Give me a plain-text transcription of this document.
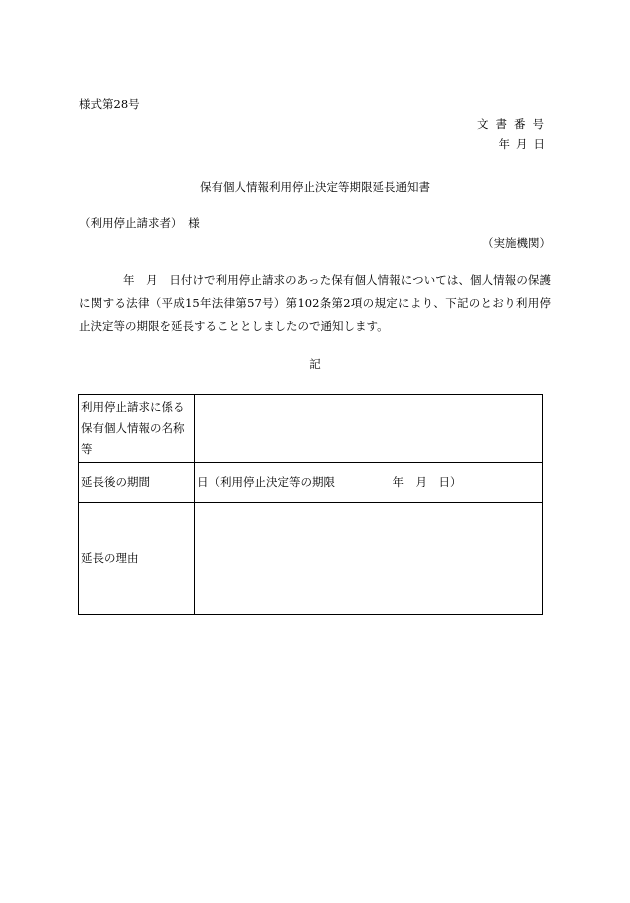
様式第28号
文書番号
年月日
保有個人情報利用停止決定等期限延長通知書
（利用停止請求者）　様
（実施機関）

年　月　日付けで利用停止請求のあった保有個人情報については、個人情報の保護に関する法律（平成15年法律第57号）第102条第2項の規定により、下記のとおり利用停止決定等の期限を延長することとしましたので通知します。

記
利用停止請求に係る保有個人情報の名称等	
延長後の期間	日（利用停止決定等の期限　　　　　年　月　日）
延長の理由	
